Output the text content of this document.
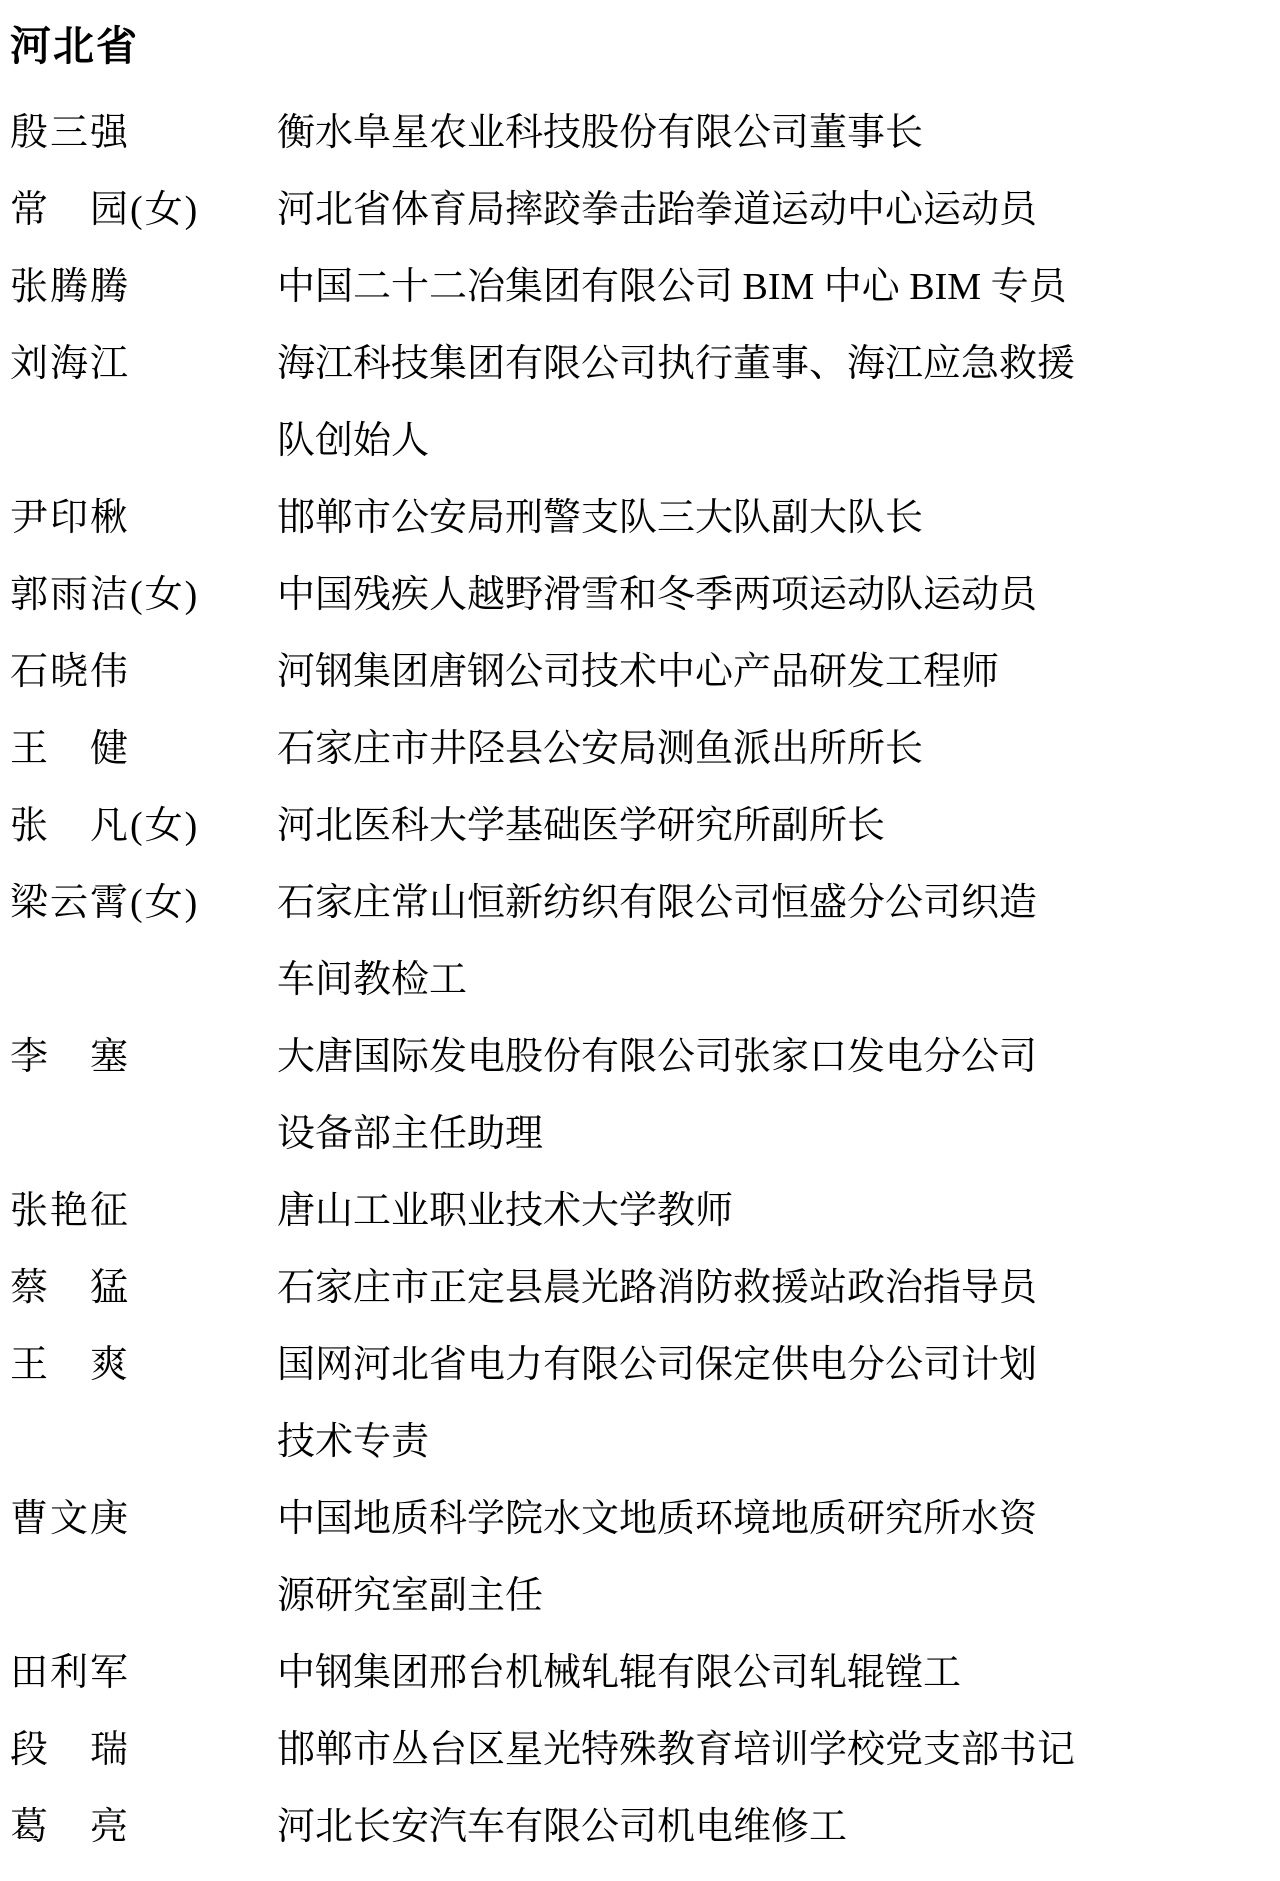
河北省
殷三强	衡水阜星农业科技股份有限公司董事长
常　园(女)	河北省体育局摔跤拳击跆拳道运动中心运动员
张腾腾	中国二十二冶集团有限公司 BIM 中心 BIM 专员
刘海江	海江科技集团有限公司执行董事、海江应急救援
队创始人
尹印楸	邯郸市公安局刑警支队三大队副大队长
郭雨洁(女)	中国残疾人越野滑雪和冬季两项运动队运动员
石晓伟	河钢集团唐钢公司技术中心产品研发工程师
王　健	石家庄市井陉县公安局测鱼派出所所长
张　凡(女)	河北医科大学基础医学研究所副所长
梁云霄(女)	石家庄常山恒新纺织有限公司恒盛分公司织造
车间教检工
李　塞	大唐国际发电股份有限公司张家口发电分公司
设备部主任助理
张艳征	唐山工业职业技术大学教师
蔡　猛	石家庄市正定县晨光路消防救援站政治指导员
王　爽	国网河北省电力有限公司保定供电分公司计划
技术专责
曹文庚	中国地质科学院水文地质环境地质研究所水资
源研究室副主任
田利军	中钢集团邢台机械轧辊有限公司轧辊镗工
段　瑞	邯郸市丛台区星光特殊教育培训学校党支部书记
葛　亮	河北长安汽车有限公司机电维修工
